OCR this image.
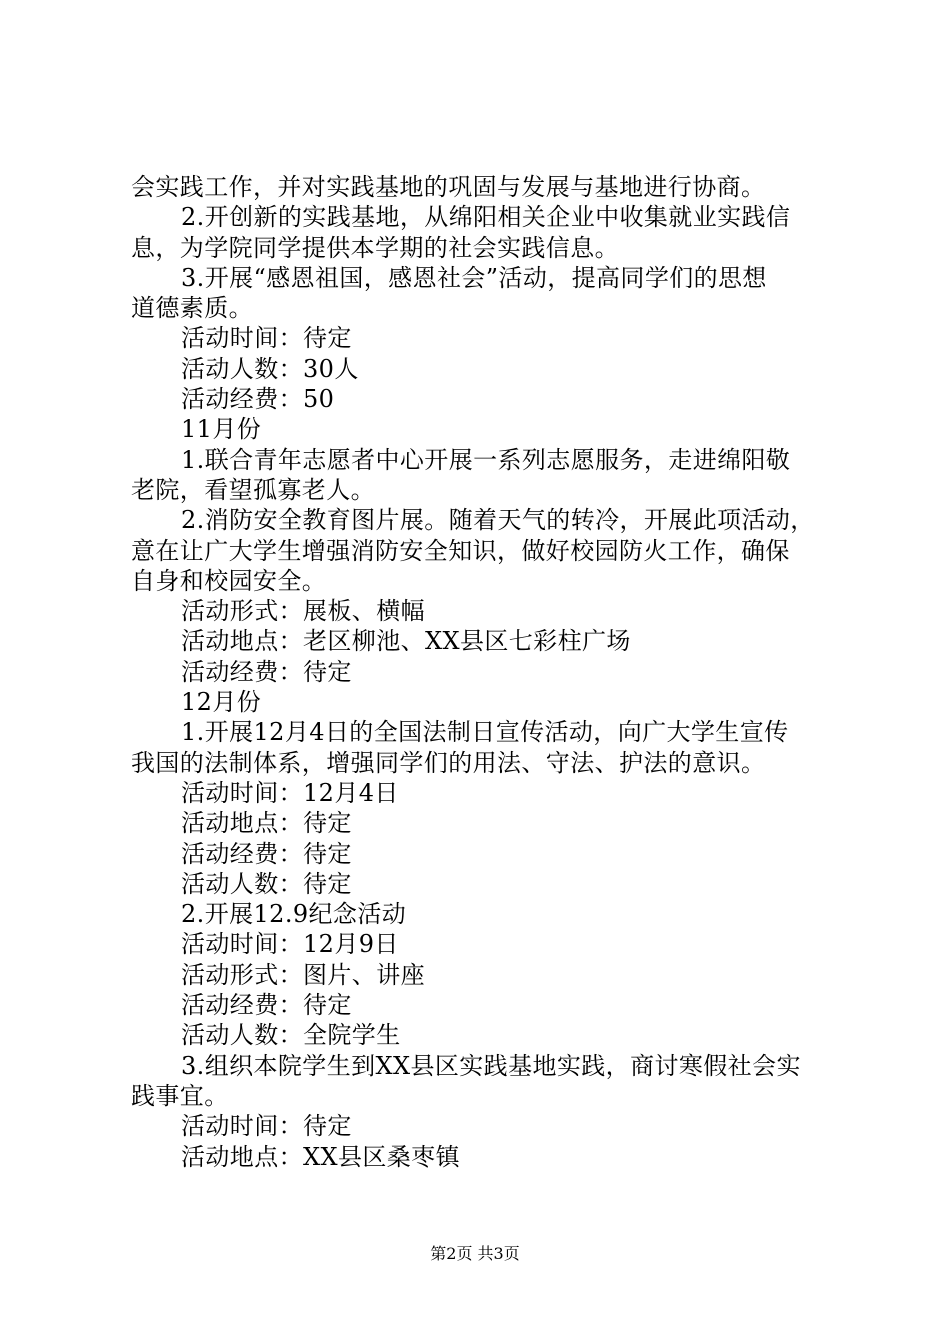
会实践工作，并对实践基地的巩固与发展与基地进行协商。
2.开创新的实践基地，从绵阳相关企业中收集就业实践信
息，为学院同学提供本学期的社会实践信息。
3.开展“感恩祖国，感恩社会”活动，提高同学们的思想
道德素质。
活动时间：待定
活动人数：30人
活动经费：50
11月份
1.联合青年志愿者中心开展一系列志愿服务，走进绵阳敬
老院，看望孤寡老人。
2.消防安全教育图片展。随着天气的转冷，开展此项活动，
意在让广大学生增强消防安全知识，做好校园防火工作，确保
自身和校园安全。
活动形式：展板、横幅
活动地点：老区柳池、XX县区七彩柱广场
活动经费：待定
12月份
1.开展12月4日的全国法制日宣传活动，向广大学生宣传
我国的法制体系，增强同学们的用法、守法、护法的意识。
活动时间：12月4日
活动地点：待定
活动经费：待定
活动人数：待定
2.开展12.9纪念活动
活动时间：12月9日
活动形式：图片、讲座
活动经费：待定
活动人数：全院学生
3.组织本院学生到XX县区实践基地实践，商讨寒假社会实
践事宜。
活动时间：待定
活动地点：XX县区桑枣镇
第2页 共3页
